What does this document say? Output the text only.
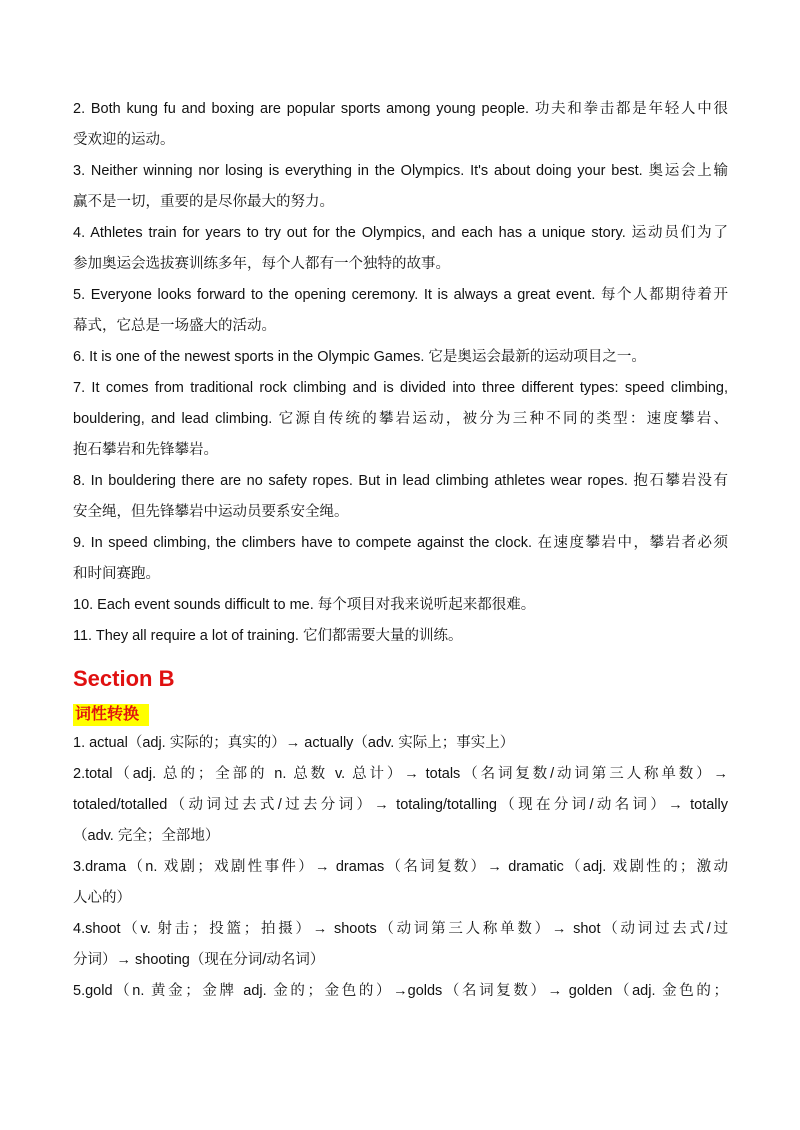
2. Both kung fu and boxing are popular sports among young people. 功夫和拳击都是年轻人中很

受欢迎的运动。

3. Neither winning nor losing is everything in the Olympics. It's about doing your best. 奥运会上输

赢不是一切，重要的是尽你最大的努力。

4. Athletes train for years to try out for the Olympics, and each has a unique story. 运动员们为了

参加奥运会选拔赛训练多年，每个人都有一个独特的故事。

5. Everyone looks forward to the opening ceremony. It is always a great event. 每个人都期待着开

幕式，它总是一场盛大的活动。

6. It is one of the newest sports in the Olympic Games. 它是奥运会最新的运动项目之一。

7. It comes from traditional rock climbing and is divided into three different types: speed climbing,

bouldering, and lead climbing. 它源自传统的攀岩运动，被分为三种不同的类型：速度攀岩、

抱石攀岩和先锋攀岩。

8. In bouldering there are no safety ropes. But in lead climbing athletes wear ropes. 抱石攀岩没有

安全绳，但先锋攀岩中运动员要系安全绳。

9. In speed climbing, the climbers have to compete against the clock. 在速度攀岩中，攀岩者必须

和时间赛跑。

10. Each event sounds difficult to me. 每个项目对我来说听起来都很难。

11. They all require a lot of training. 它们都需要大量的训练。

Section B
词性转换

1. actual（adj. 实际的；真实的）→ actually（adv. 实际上；事实上）

2.total（adj. 总的；全部的 n. 总数 v. 总计）→ totals（名词复数/动词第三人称单数）→

totaled/totalled（动词过去式/过去分词）→ totaling/totalling（现在分词/动名词）→ totally

（adv. 完全；全部地）

3.drama（n. 戏剧；戏剧性事件）→ dramas（名词复数）→ dramatic（adj. 戏剧性的；激动

人心的）

4.shoot（v. 射击；投篮；拍摄）→ shoots（动词第三人称单数）→ shot（动词过去式/过

分词）→ shooting（现在分词/动名词）

5.gold（n. 黄金；金牌 adj. 金的；金色的）→golds（名词复数）→ golden（adj. 金色的；
